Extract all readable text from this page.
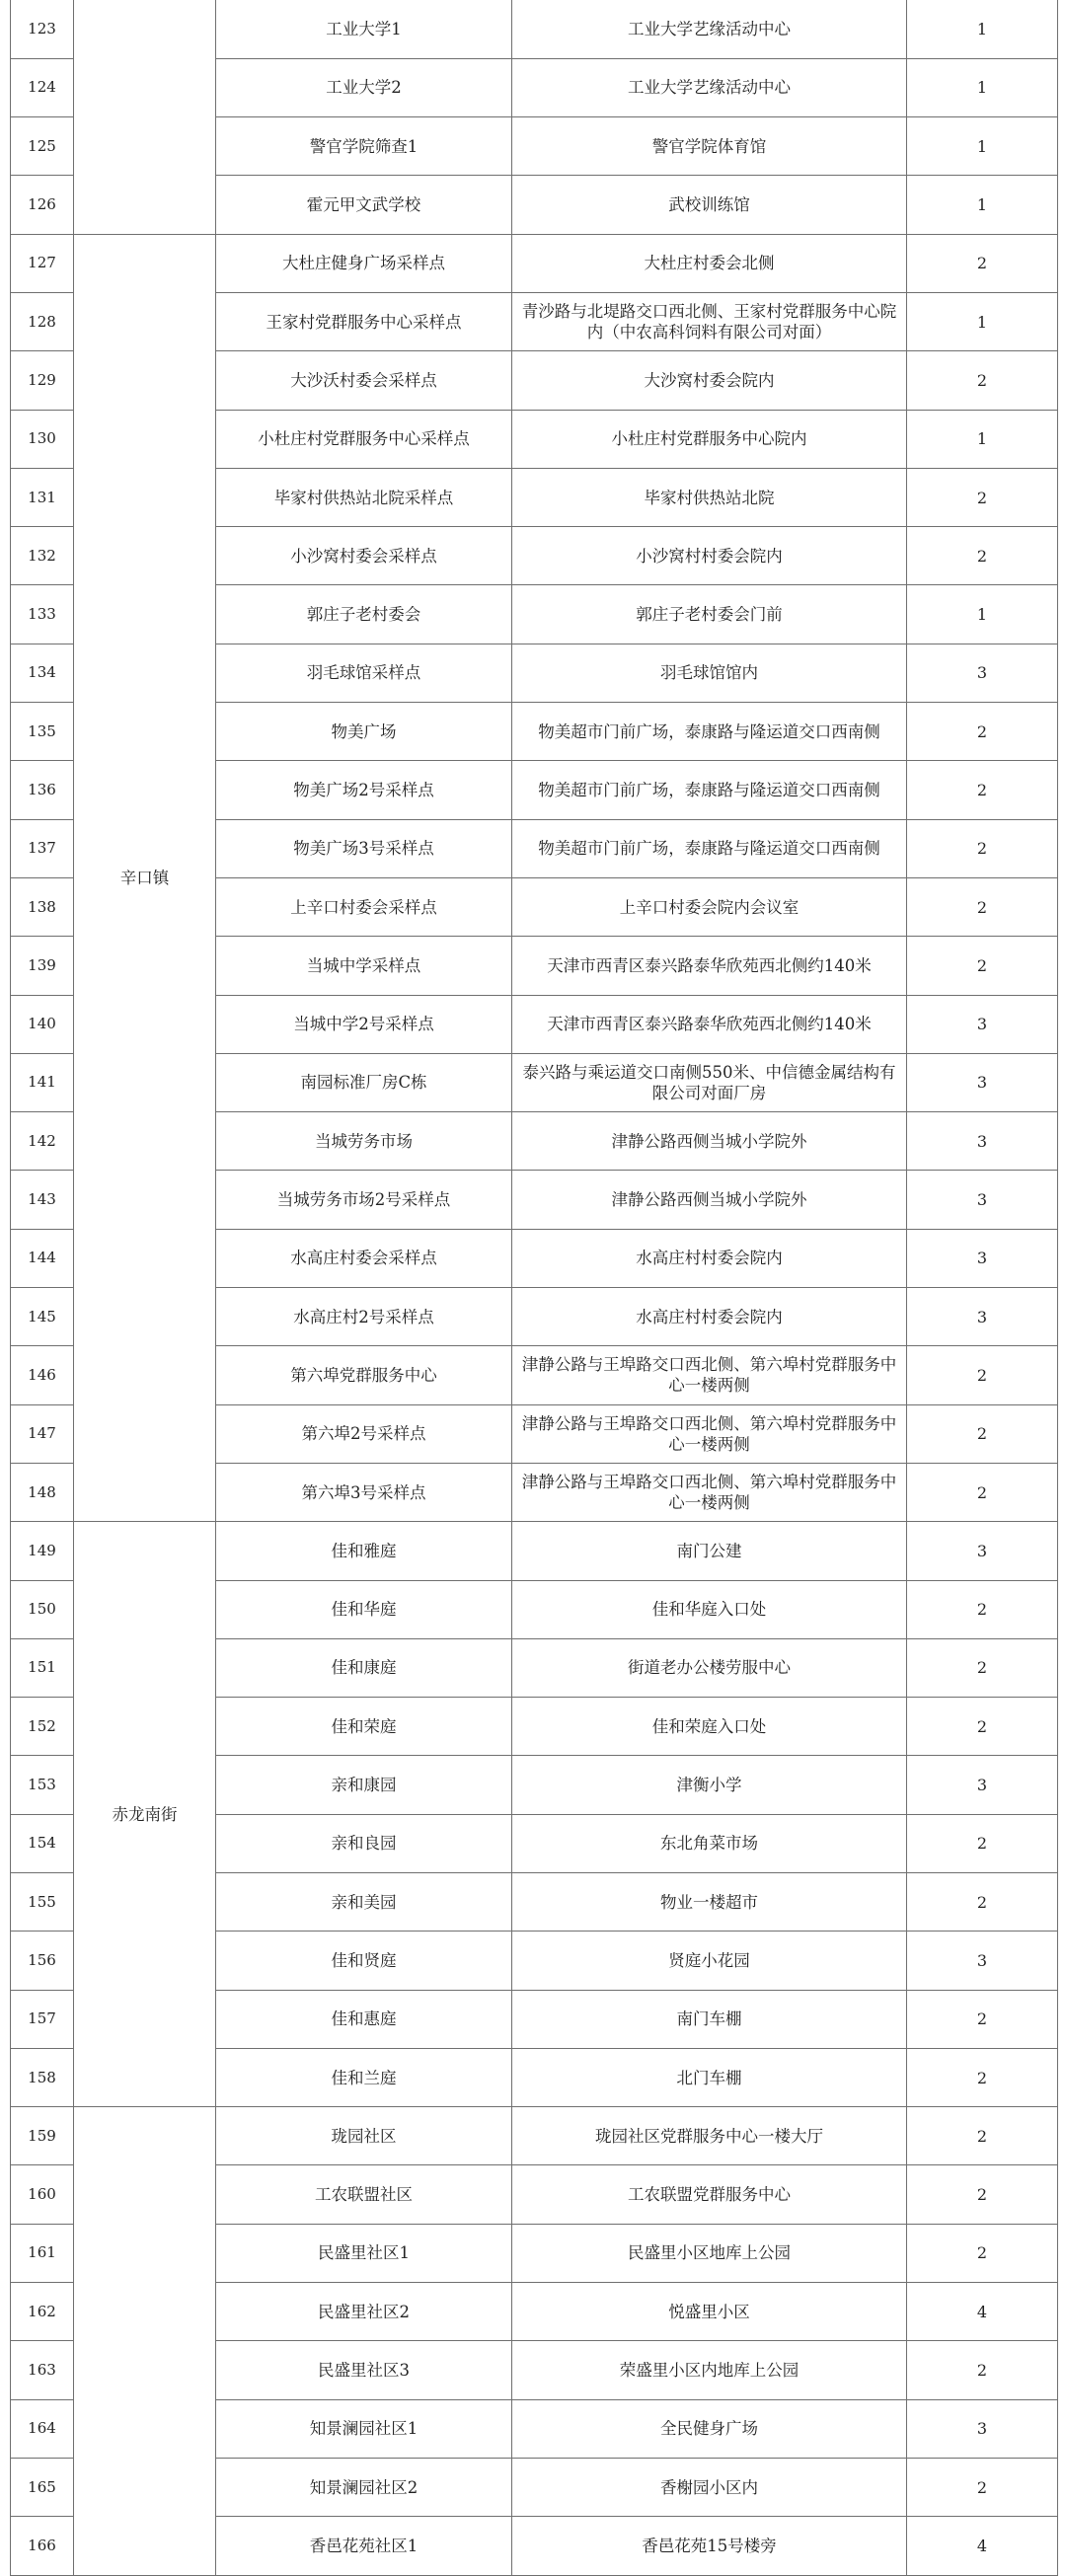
123		工业大学1	工业大学艺缘活动中心	1
124		工业大学2	工业大学艺缘活动中心	1
125		警官学院筛查1	警官学院体育馆	1
126		霍元甲文武学校	武校训练馆	1
127	辛口镇	大杜庄健身广场采样点	大杜庄村委会北侧	2
128		王家村党群服务中心采样点	青沙路与北堤路交口西北侧、王家村党群服务中心院内（中农高科饲料有限公司对面）	1
129		大沙沃村委会采样点	大沙窝村委会院内	2
130		小杜庄村党群服务中心采样点	小杜庄村党群服务中心院内	1
131		毕家村供热站北院采样点	毕家村供热站北院	2
132		小沙窝村委会采样点	小沙窝村村委会院内	2
133		郭庄子老村委会	郭庄子老村委会门前	1
134		羽毛球馆采样点	羽毛球馆馆内	3
135		物美广场	物美超市门前广场，泰康路与隆运道交口西南侧	2
136		物美广场2号采样点	物美超市门前广场，泰康路与隆运道交口西南侧	2
137		物美广场3号采样点	物美超市门前广场，泰康路与隆运道交口西南侧	2
138		上辛口村委会采样点	上辛口村委会院内会议室	2
139		当城中学采样点	天津市西青区泰兴路泰华欣苑西北侧约140米	2
140		当城中学2号采样点	天津市西青区泰兴路泰华欣苑西北侧约140米	3
141		南园标准厂房C栋	泰兴路与乘运道交口南侧550米、中信德金属结构有限公司对面厂房	3
142		当城劳务市场	津静公路西侧当城小学院外	3
143		当城劳务市场2号采样点	津静公路西侧当城小学院外	3
144		水高庄村委会采样点	水高庄村村委会院内	3
145		水高庄村2号采样点	水高庄村村委会院内	3
146		第六埠党群服务中心	津静公路与王埠路交口西北侧、第六埠村党群服务中心一楼两侧	2
147		第六埠2号采样点	津静公路与王埠路交口西北侧、第六埠村党群服务中心一楼两侧	2
148		第六埠3号采样点	津静公路与王埠路交口西北侧、第六埠村党群服务中心一楼两侧	2
149	赤龙南街	佳和雅庭	南门公建	3
150		佳和华庭	佳和华庭入口处	2
151		佳和康庭	街道老办公楼劳服中心	2
152		佳和荣庭	佳和荣庭入口处	2
153		亲和康园	津衡小学	3
154		亲和良园	东北角菜市场	2
155		亲和美园	物业一楼超市	2
156		佳和贤庭	贤庭小花园	3
157		佳和惠庭	南门车棚	2
158		佳和兰庭	北门车棚	2
159		珑园社区	珑园社区党群服务中心一楼大厅	2
160		工农联盟社区	工农联盟党群服务中心	2
161		民盛里社区1	民盛里小区地库上公园	2
162		民盛里社区2	悦盛里小区	4
163		民盛里社区3	荣盛里小区内地库上公园	2
164		知景澜园社区1	全民健身广场	3
165		知景澜园社区2	香榭园小区内	2
166		香邑花苑社区1	香邑花苑15号楼旁	4
